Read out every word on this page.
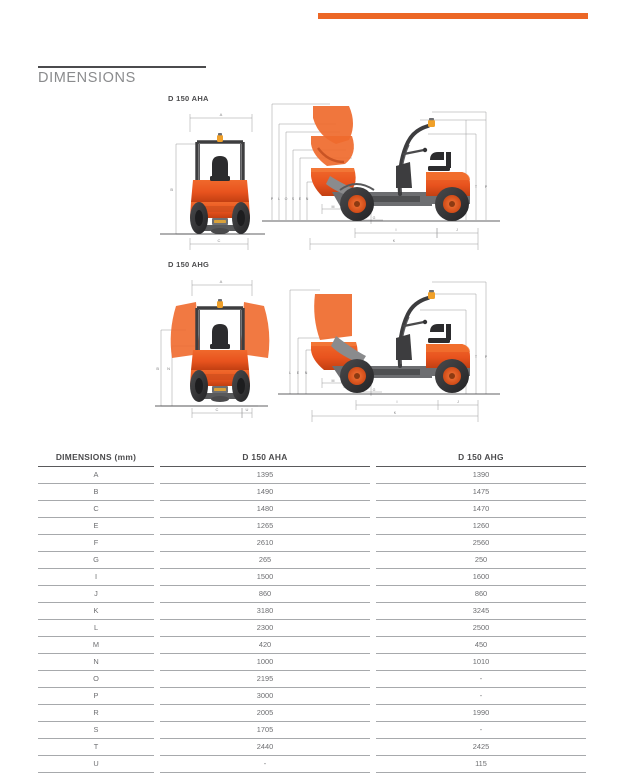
DIMENSIONS
D 150 AHA
A
B
C
P L O S E N
T P
M
G
I	J
K
D 150 AHG
A
B N
C	U
L E N
T P
M
G
I	J
K
DIMENSIONS (mm)		D 150 AHA		D 150 AHG
A		1395		1390
B		1490		1475
C		1480		1470
E		1265		1260
F		2610		2560
G		265		250
I		1500		1600
J		860		860
K		3180		3245
L		2300		2500
M		420		450
N		1000		1010
O		2195		-
P		3000		-
R		2005		1990
S		1705		-
T		2440		2425
U		-		115
